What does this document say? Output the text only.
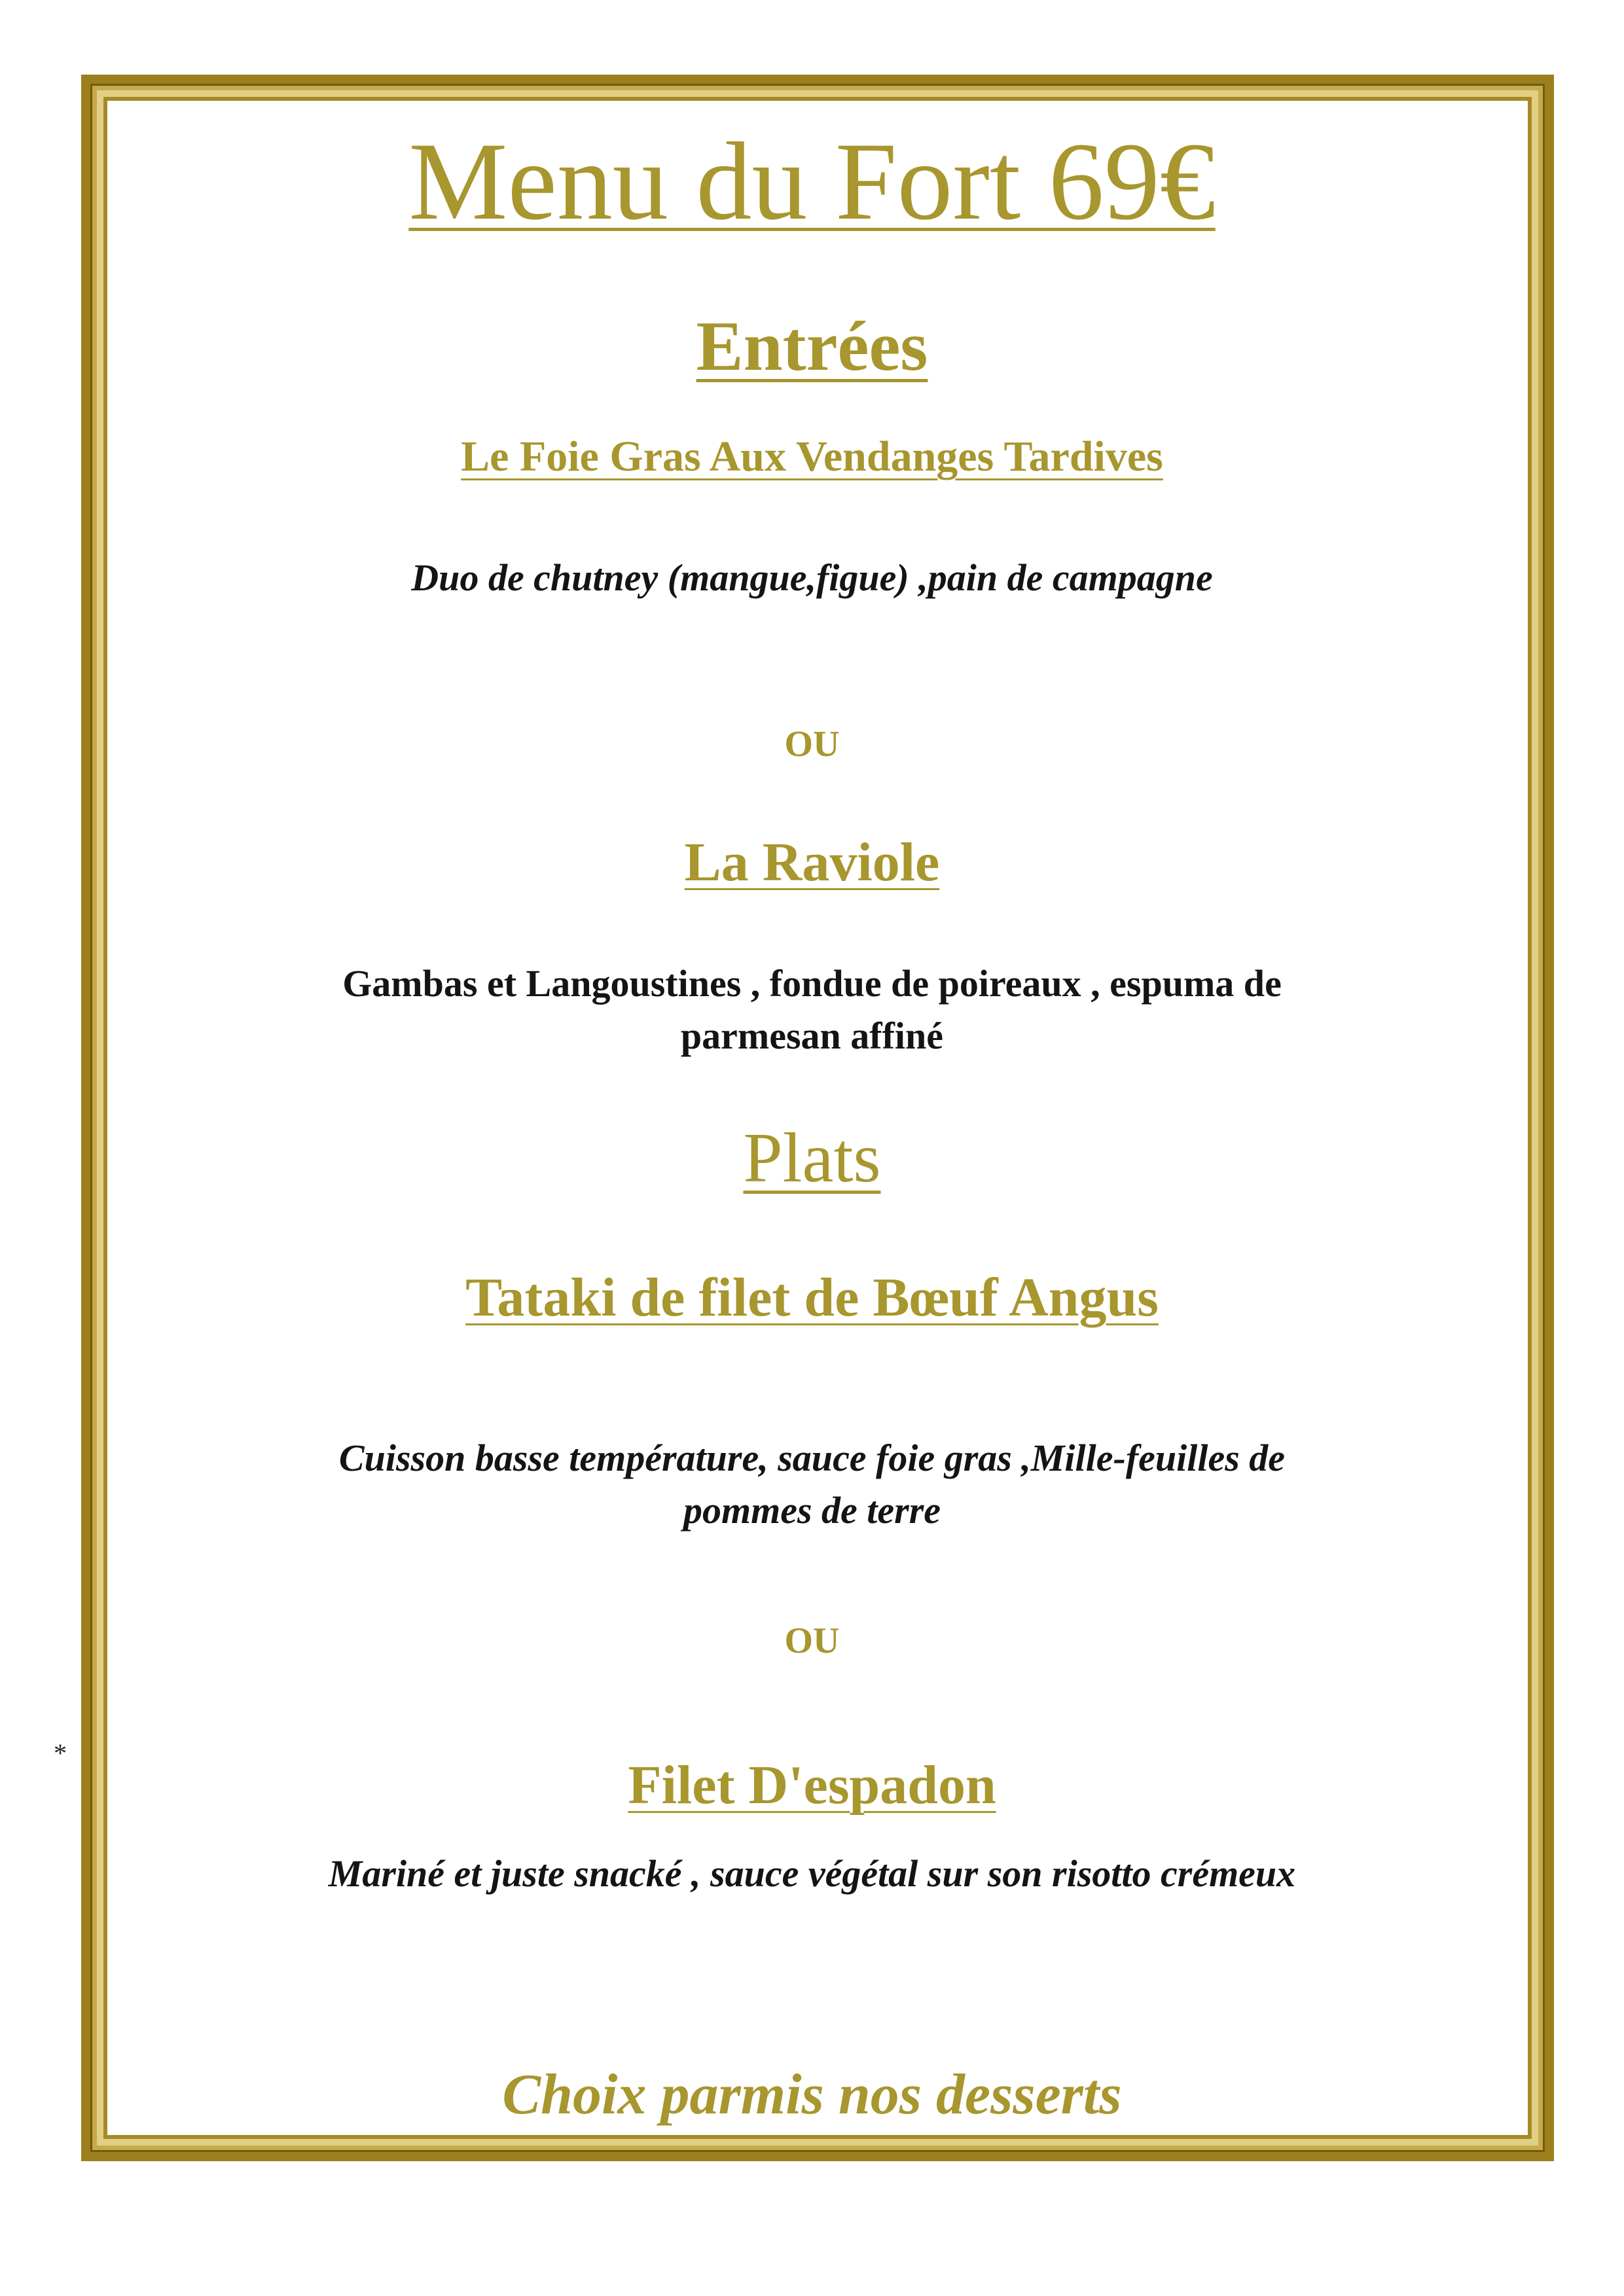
Menu du Fort 69€
Entrées
Le Foie Gras Aux Vendanges Tardives
Duo de chutney (mangue,figue) ,pain de campagne
OU
La Raviole
Gambas et Langoustines , fondue de poireaux , espuma de
parmesan affiné
Plats
Tataki de filet de Bœuf Angus
Cuisson basse température, sauce foie gras ,Mille-feuilles de
pommes de terre
OU
Filet D'espadon
Mariné et juste snacké , sauce végétal sur son risotto crémeux
Choix parmis nos desserts
*
